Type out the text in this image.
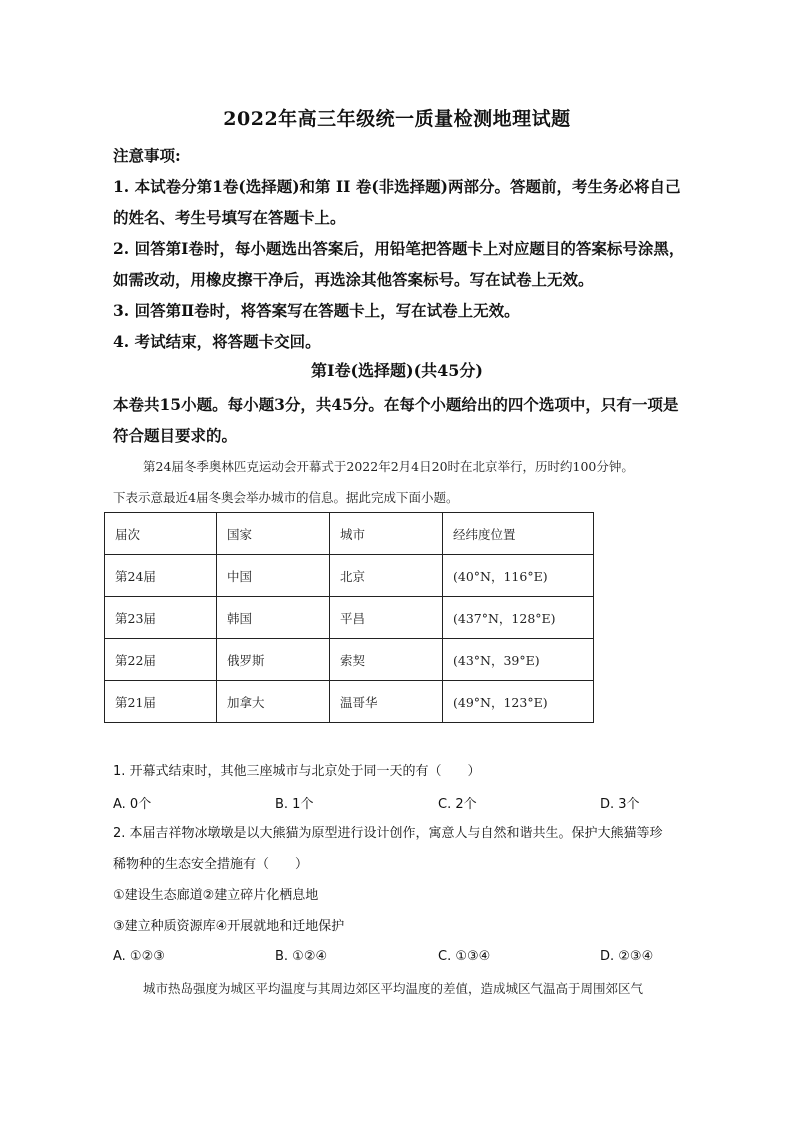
2022年高三年级统一质量检测地理试题

注意事项:

1. 本试卷分第1卷(选择题)和第 II 卷(非选择题)两部分。答题前，考生务必将自己

的姓名、考生号填写在答题卡上。

2. 回答第Ⅰ卷时，每小题选出答案后，用铅笔把答题卡上对应题目的答案标号涂黑，

如需改动，用橡皮擦干净后，再选涂其他答案标号。写在试卷上无效。

3. 回答第Ⅱ卷时，将答案写在答题卡上，写在试卷上无效。

4. 考试结束，将答题卡交回。

第Ⅰ卷(选择题)(共45分)

本卷共15小题。每小题3分，共45分。在每个小题给出的四个选项中，只有一项是

符合题目要求的。

第24届冬季奥林匹克运动会开幕式于2022年2月4日20时在北京举行，历时约100分钟。

下表示意最近4届冬奥会举办城市的信息。据此完成下面小题。

届次	国家	城市	经纬度位置
第24届	中国	北京	(40°N，116°E)
第23届	韩国	平昌	(437°N，128°E)
第22届	俄罗斯	索契	(43°N，39°E)
第21届	加拿大	温哥华	(49°N，123°E)

1. 开幕式结束时，其他三座城市与北京处于同一天的有（　　）

A. 0个	B. 1个	C. 2个	D. 3个

2. 本届吉祥物冰墩墩是以大熊猫为原型进行设计创作，寓意人与自然和谐共生。保护大熊猫等珍

稀物种的生态安全措施有（　　）

①建设生态廊道②建立碎片化栖息地

③建立种质资源库④开展就地和迁地保护

A. ①②③	B. ①②④	C. ①③④	D. ②③④
城市热岛强度为城区平均温度与其周边郊区平均温度的差值，造成城区气温高于周围郊区气
